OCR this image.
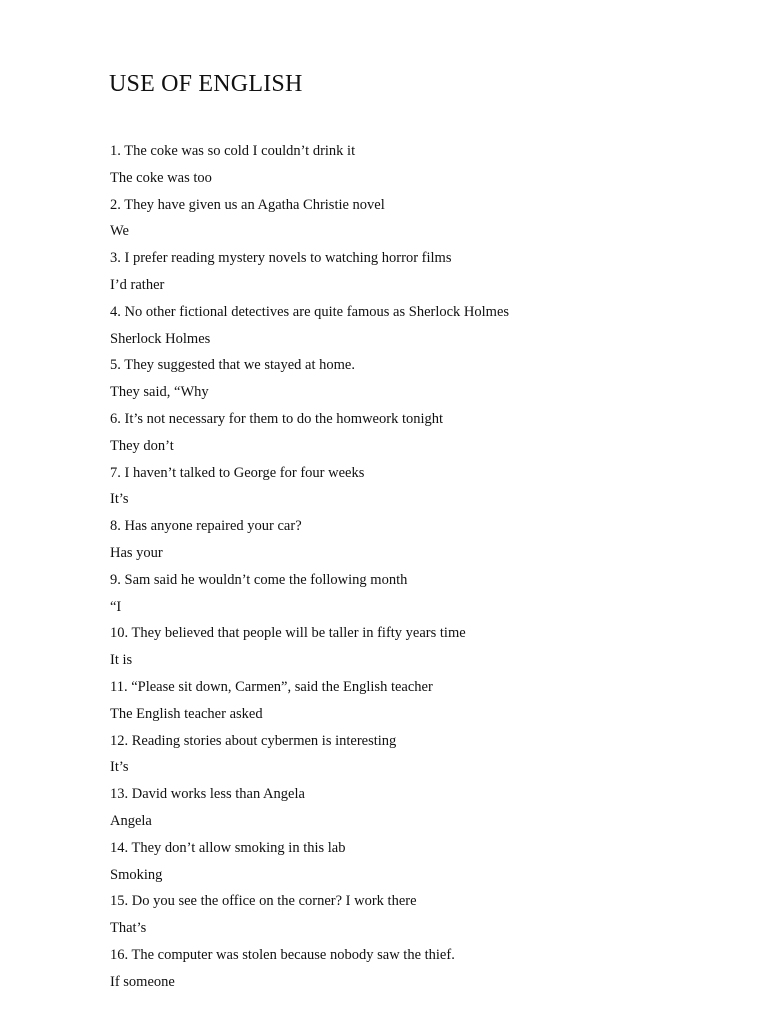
USE OF ENGLISH
1. The coke was so cold I couldn’t drink it
The coke was too
2. They have given us an Agatha Christie novel
We
3. I prefer reading mystery novels to watching horror films
I’d rather
4. No other fictional detectives are quite famous as Sherlock Holmes
Sherlock Holmes
5. They suggested that we stayed at home.
They said, “Why
6. It’s not necessary for them to do the homweork tonight
They don’t
7. I haven’t talked to George for four weeks
It’s
8. Has anyone repaired your car?
Has your
9. Sam said he wouldn’t come the following month
“I
10. They believed that people will be taller in fifty years time
It is
11. “Please sit down, Carmen”, said the English teacher
The English teacher asked
12. Reading stories about cybermen is interesting
It’s
13. David works less than Angela
Angela
14. They don’t allow smoking in this lab
Smoking
15. Do you see the office on the corner? I work there
That’s
16. The computer was stolen because nobody saw the thief.
If someone
